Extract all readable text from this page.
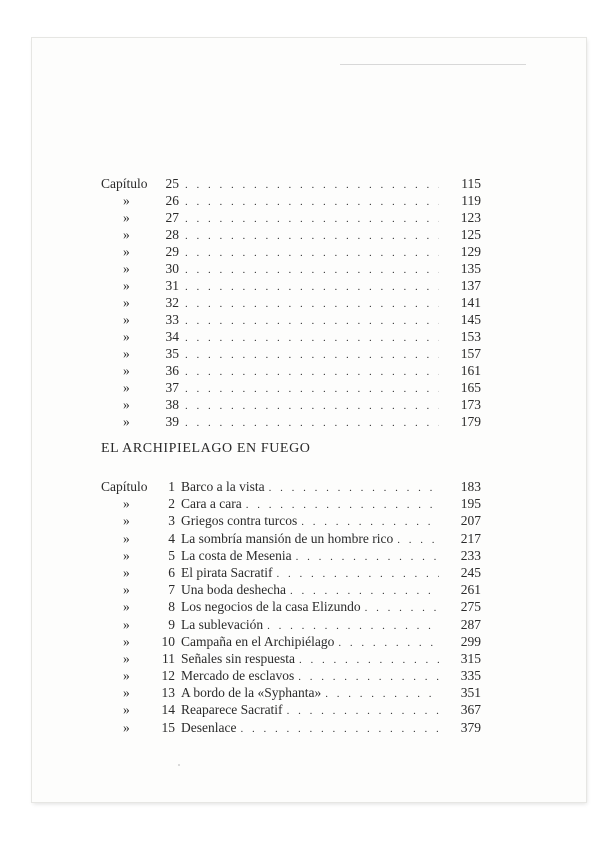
Capítulo	25 . . .	115
»	26 . . .	119
»	27 . . .	123
»	28 . . .	125
»	29 . . .	129
»	30 . . .	135
»	31 . . .	137
»	32 . . .	141
»	33 . . .	145
»	34 . . .	153
»	35 . . .	157
»	36 . . .	161
»	37 . . .	165
»	38 . . .	173
»	39 . . .	179
EL ARCHIPIELAGO EN FUEGO
Capítulo	1 Barco a la vista . . .	183
»	2 Cara a cara . . .	195
»	3 Griegos contra turcos . . .	207
»	4 La sombría mansión de un hombre rico . . .	217
»	5 La costa de Mesenia . . .	233
»	6 El pirata Sacratif . . .	245
»	7 Una boda deshecha . . .	261
»	8 Los negocios de la casa Elizundo . . .	275
»	9 La sublevación . . .	287
»	10 Campaña en el Archipiélago . . .	299
»	11 Señales sin respuesta . . .	315
»	12 Mercado de esclavos . . .	335
»	13 A bordo de la «Syphanta» . . .	351
»	14 Reaparece Sacratif . . .	367
»	15 Desenlace . . .	379
